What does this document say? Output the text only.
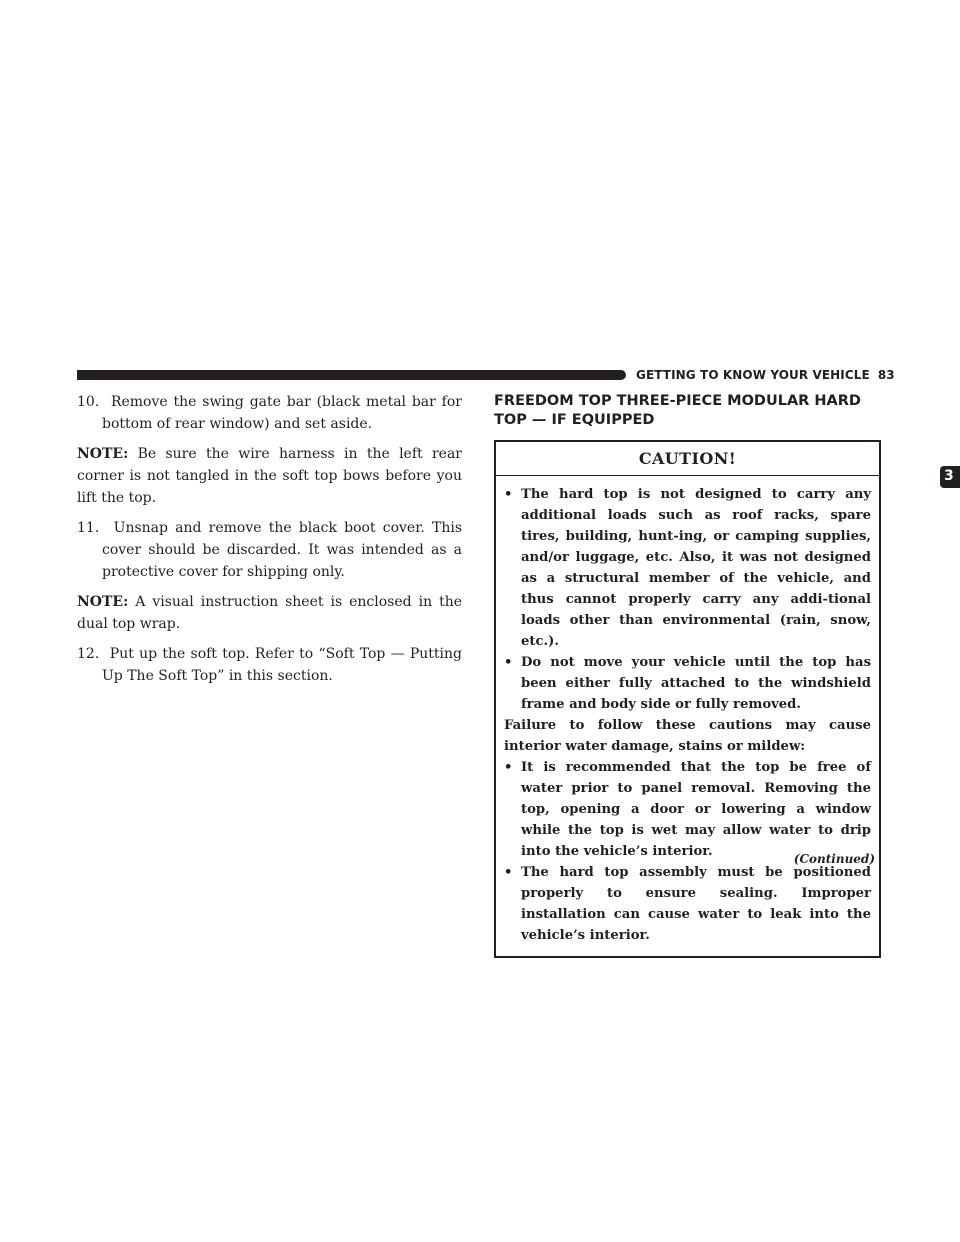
GETTING TO KNOW YOUR VEHICLE 83

10. Remove the swing gate bar (black metal bar for bottom of rear window) and set aside.

NOTE: Be sure the wire harness in the left rear corner is not tangled in the soft top bows before you lift the top.

11. Unsnap and remove the black boot cover. This cover should be discarded. It was intended as a protective cover for shipping only.

NOTE: A visual instruction sheet is enclosed in the dual top wrap.

12. Put up the soft top. Refer to “Soft Top — Putting Up The Soft Top” in this section.

FREEDOM TOP THREE-PIECE MODULAR HARD TOP — IF EQUIPPED
CAUTION!
• The hard top is not designed to carry any additional loads such as roof racks, spare tires, building, hunt-ing, or camping supplies, and/or luggage, etc. Also, it was not designed as a structural member of the vehicle, and thus cannot properly carry any addi-tional loads other than environmental (rain, snow, etc.).
• Do not move your vehicle until the top has been either fully attached to the windshield frame and body side or fully removed.

Failure to follow these cautions may cause interior water damage, stains or mildew:

• It is recommended that the top be free of water prior to panel removal. Removing the top, opening a door or lowering a window while the top is wet may allow water to drip into the vehicle’s interior.
• The hard top assembly must be positioned properly to ensure sealing. Improper installation can cause water to leak into the vehicle’s interior.
(Continued)
3
